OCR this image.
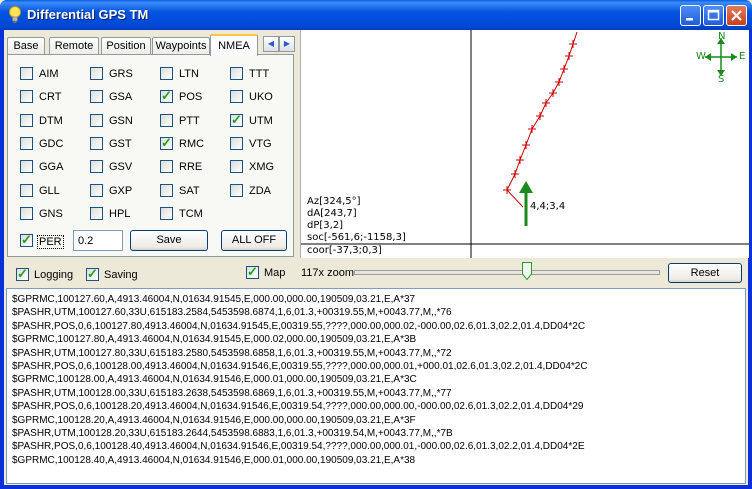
Differential GPS TM
Base	Remote	Position Waypoints	NMEA	◀	▶
AIM	GRS	LTN	TTT
CRT	GSA ✓	POS	UKO
DTM	GSN	PTT ✓	UTM
GDC	GST ✓	RMC	VTG
GGA	GSV	RRE	XMG
GLL	GXP	SAT	ZDA
GNS	HPL	TCM
✓
PER
0.2	Save	ALL OFF
N
E
S
W
4,4;3,4
Az[324,5°]
dA[243,7]
dP[3,2]
soc[-561,6;-1158,3]
coor[-37,3;0,3]
✓
Logging ✓	Saving ✓	Map 117x zoom	Reset
$GPRMC,100127.60,A,4913.46004,N,01634.91545,E,000.00,000.00,190509,03.21,E,A*37
$PASHR,UTM,100127.60,33U,615183.2584,5453598.6874,1,6,01.3,+00319.55,M,+0043.77,M,,*76
$PASHR,POS,0,6,100127.80,4913.46004,N,01634.91545,E,00319.55,????,000.00,000.02,-000.00,02.6,01.3,02.2,01.4,DD04*2C
$GPRMC,100127.80,A,4913.46004,N,01634.91545,E,000.02,000.00,190509,03.21,E,A*3B
$PASHR,UTM,100127.80,33U,615183.2580,5453598.6858,1,6,01.3,+00319.55,M,+0043.77,M,,*72
$PASHR,POS,0,6,100128.00,4913.46004,N,01634.91546,E,00319.55,????,000.00,000.01,+000.01,02.6,01.3,02.2,01.4,DD04*2C
$GPRMC,100128.00,A,4913.46004,N,01634.91546,E,000.01,000.00,190509,03.21,E,A*3C
$PASHR,UTM,100128.00,33U,615183.2638,5453598.6869,1,6,01.3,+00319.55,M,+0043.77,M,,*77
$PASHR,POS,0,6,100128.20,4913.46004,N,01634.91546,E,00319.54,????,000.00,000.00,-000.00,02.6,01.3,02.2,01.4,DD04*29
$GPRMC,100128.20,A,4913.46004,N,01634.91546,E,000.00,000.00,190509,03.21,E,A*3F
$PASHR,UTM,100128.20,33U,615183.2644,5453598.6883,1,6,01.3,+00319.54,M,+0043.77,M,,*7B
$PASHR,POS,0,6,100128.40,4913.46004,N,01634.91546,E,00319.54,????,000.00,000.01,-000.00,02.6,01.3,02.2,01.4,DD04*2E
$GPRMC,100128.40,A,4913.46004,N,01634.91546,E,000.01,000.00,190509,03.21,E,A*38
